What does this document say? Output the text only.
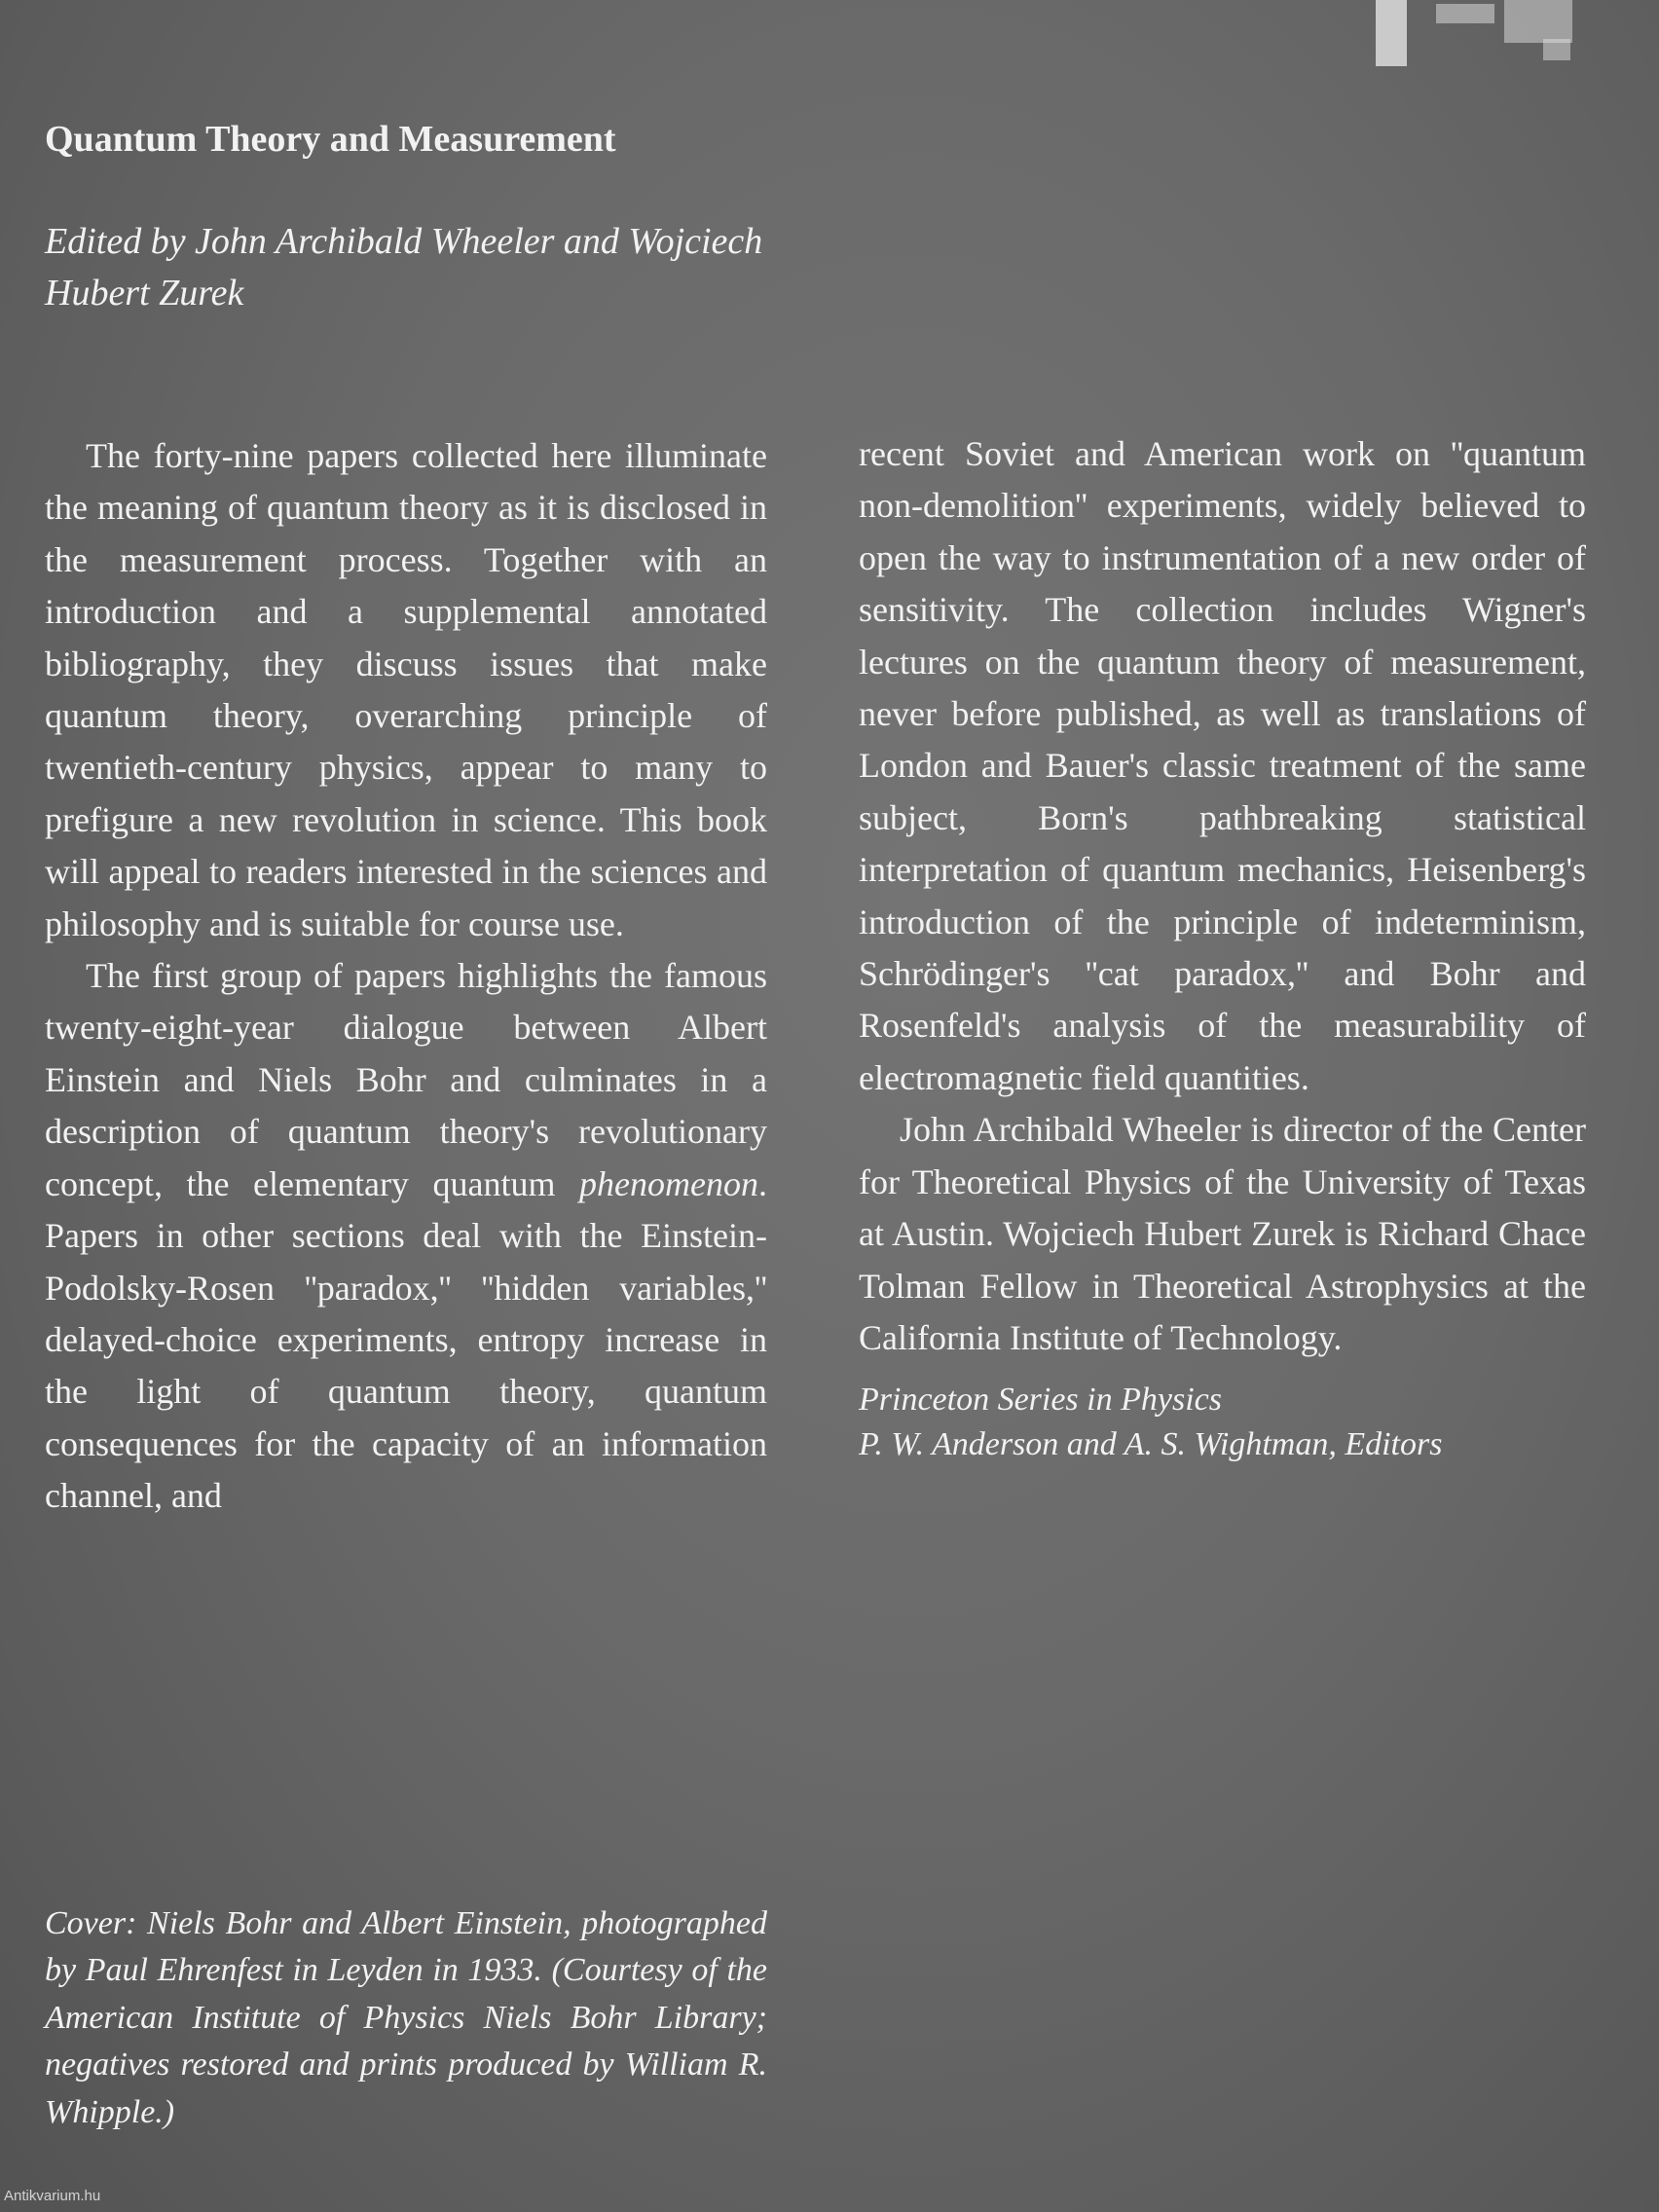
Quantum Theory and Measurement
Edited by John Archibald Wheeler and Wojciech Hubert Zurek

The forty-nine papers collected here illuminate the meaning of quantum theory as it is disclosed in the measurement process. Together with an introduction and a supplemental annotated bibliography, they discuss issues that make quantum theory, overarching principle of twentieth-century physics, appear to many to prefigure a new revolution in science. This book will appeal to readers interested in the sciences and philosophy and is suitable for course use.

The first group of papers highlights the famous twenty-eight-year dialogue between Albert Einstein and Niels Bohr and culminates in a description of quantum theory's revolutionary concept, the elementary quantum phenomenon. Papers in other sections deal with the Einstein-Podolsky-Rosen ''paradox,'' ''hidden variables,'' delayed-choice experiments, entropy increase in the light of quantum theory, quantum consequences for the capacity of an information channel, and

recent Soviet and American work on ''quantum non-demolition'' experiments, widely believed to open the way to instrumentation of a new order of sensitivity. The collection includes Wigner's lectures on the quantum theory of measurement, never before published, as well as translations of London and Bauer's classic treatment of the same subject, Born's pathbreaking statistical interpretation of quantum mechanics, Heisenberg's introduction of the principle of indeterminism, Schrödinger's ''cat paradox,'' and Bohr and Rosenfeld's analysis of the measurability of electromagnetic field quantities.

John Archibald Wheeler is director of the Center for Theoretical Physics of the University of Texas at Austin. Wojciech Hubert Zurek is Richard Chace Tolman Fellow in Theoretical Astrophysics at the California Institute of Technology.

Princeton Series in Physics
P. W. Anderson and A. S. Wightman, Editors

Cover: Niels Bohr and Albert Einstein, photographed by Paul Ehrenfest in Leyden in 1933. (Courtesy of the American Institute of Physics Niels Bohr Library; negatives restored and prints produced by William R. Whipple.)

Antikvarium.hu
